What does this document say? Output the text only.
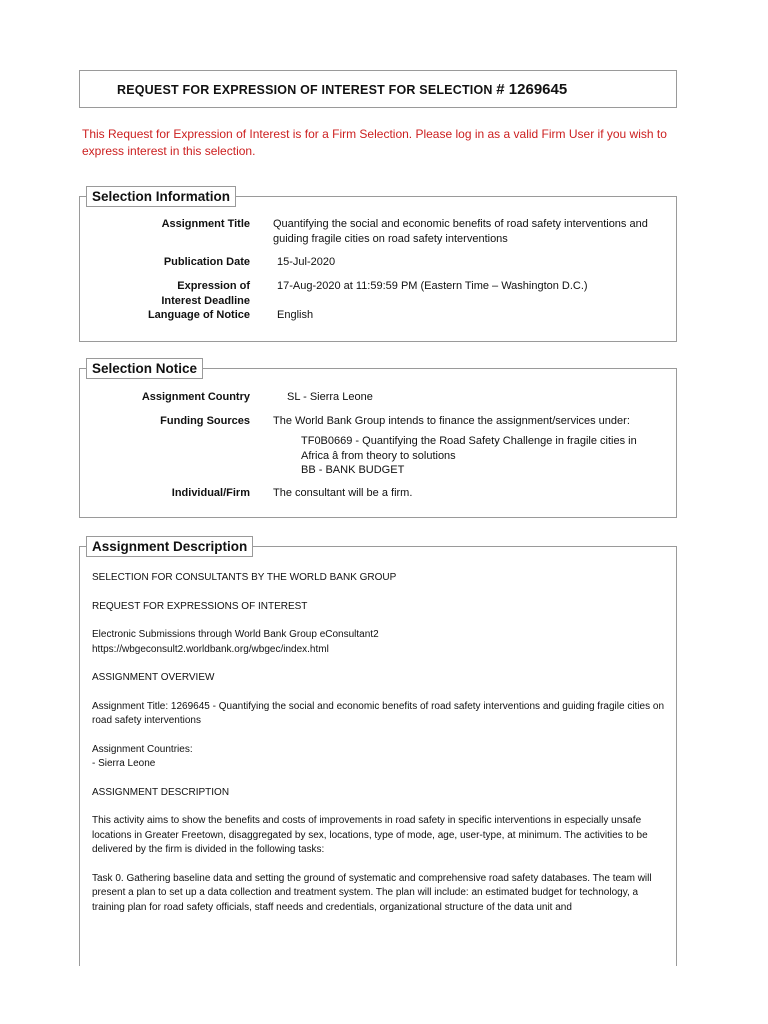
REQUEST FOR EXPRESSION OF INTEREST FOR SELECTION # 1269645
This Request for Expression of Interest is for a Firm Selection. Please log in as a valid Firm User if you wish to express interest in this selection.
Selection Information
Assignment Title Quantifying the social and economic benefits of road safety interventions and guiding fragile cities on road safety interventions
Publication Date 15-Jul-2020
Expression of Interest Deadline
17-Aug-2020 at 11:59:59 PM (Eastern Time – Washington D.C.)
Language of Notice English
Selection Notice
Assignment Country	SL - Sierra Leone
Funding Sources The World Bank Group intends to finance the assignment/services under:
TF0B0669 - Quantifying the Road Safety Challenge in fragile cities in Africa â from theory to solutions
BB - BANK BUDGET
Individual/Firm The consultant will be a firm.
Assignment Description

SELECTION FOR CONSULTANTS BY THE WORLD BANK GROUP

REQUEST FOR EXPRESSIONS OF INTEREST

Electronic Submissions through World Bank Group eConsultant2
https://wbgeconsult2.worldbank.org/wbgec/index.html

ASSIGNMENT OVERVIEW

Assignment Title: 1269645 - Quantifying the social and economic benefits of road safety interventions and guiding fragile cities on road safety interventions

Assignment Countries:
- Sierra Leone

ASSIGNMENT DESCRIPTION

This activity aims to show the benefits and costs of improvements in road safety in specific interventions in especially unsafe locations in Greater Freetown, disaggregated by sex, locations, type of mode, age, user-type, at minimum. The activities to be delivered by the firm is divided in the following tasks:

Task 0. Gathering baseline data and setting the ground of systematic and comprehensive road safety databases. The team will present a plan to set up a data collection and treatment system. The plan will include: an estimated budget for technology, a training plan for road safety officials, staff needs and credentials, organizational structure of the data unit and
